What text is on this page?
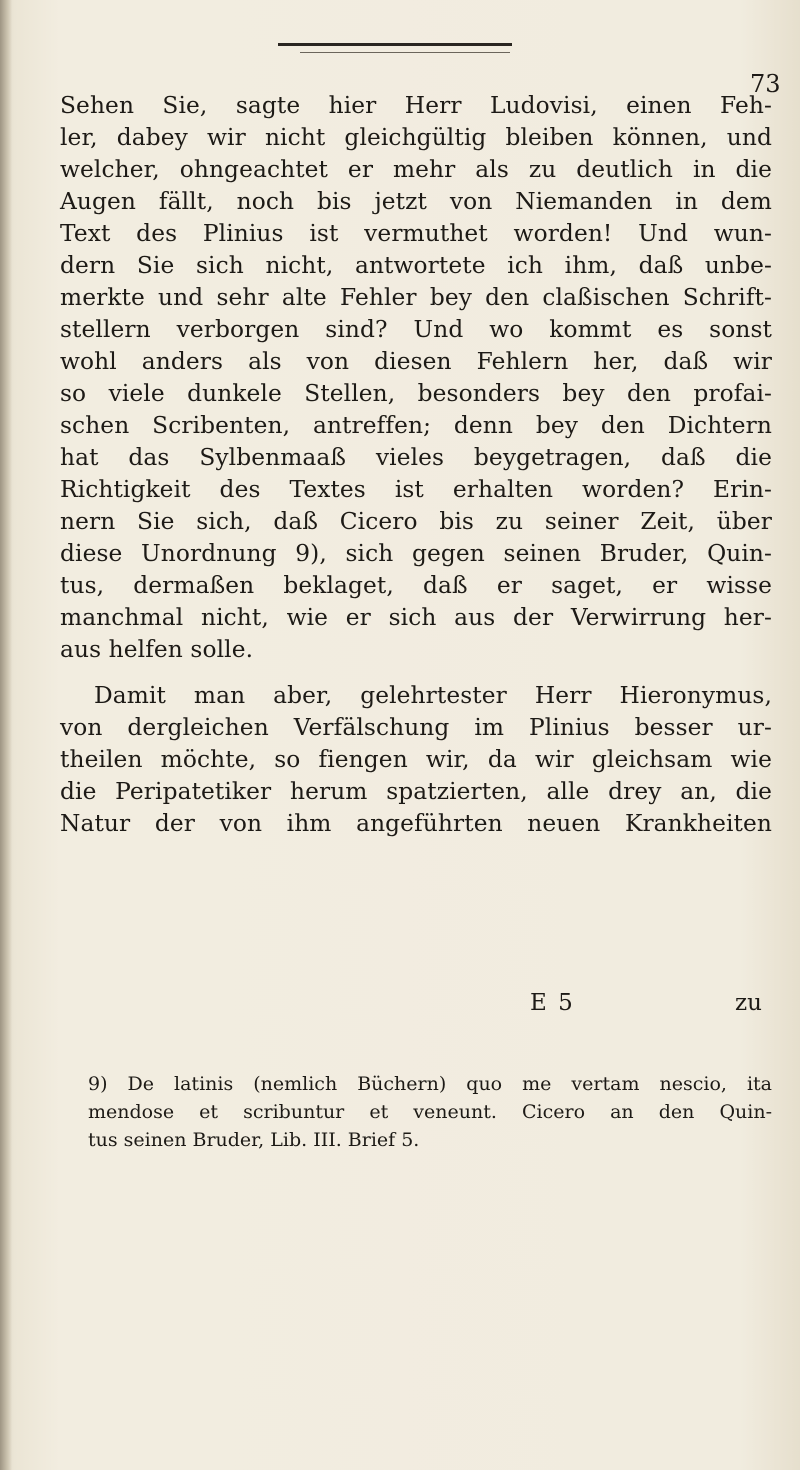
73
Sehen Sie, sagte hier Herr Ludovisi, einen Feh-
ler, dabey wir nicht gleichgültig bleiben können, und
welcher, ohngeachtet er mehr als zu deutlich in die
Augen fällt, noch bis jetzt von Niemanden in dem
Text des Plinius ist vermuthet worden! Und wun-
dern Sie sich nicht, antwortete ich ihm, daß unbe-
merkte und sehr alte Fehler bey den claßischen Schrift-
stellern verborgen sind? Und wo kommt es sonst
wohl anders als von diesen Fehlern her, daß wir
so viele dunkele Stellen, besonders bey den profai-
schen Scribenten, antreffen; denn bey den Dichtern
hat das Sylbenmaaß vieles beygetragen, daß die
Richtigkeit des Textes ist erhalten worden? Erin-
nern Sie sich, daß Cicero bis zu seiner Zeit, über
diese Unordnung 9), sich gegen seinen Bruder, Quin-
tus, dermaßen beklaget, daß er saget, er wisse
manchmal nicht, wie er sich aus der Verwirrung her-
aus helfen solle.
Damit man aber, gelehrtester Herr Hieronymus,
von dergleichen Verfälschung im Plinius besser ur-
theilen möchte, so fiengen wir, da wir gleichsam wie
die Peripatetiker herum spatzierten, alle drey an, die
Natur der von ihm angeführten neuen Krankheiten
E 5	zu
9) De latinis (nemlich Büchern) quo me vertam nescio, ita
mendose et scribuntur et veneunt. Cicero an den Quin-
tus seinen Bruder, Lib. III. Brief 5.
